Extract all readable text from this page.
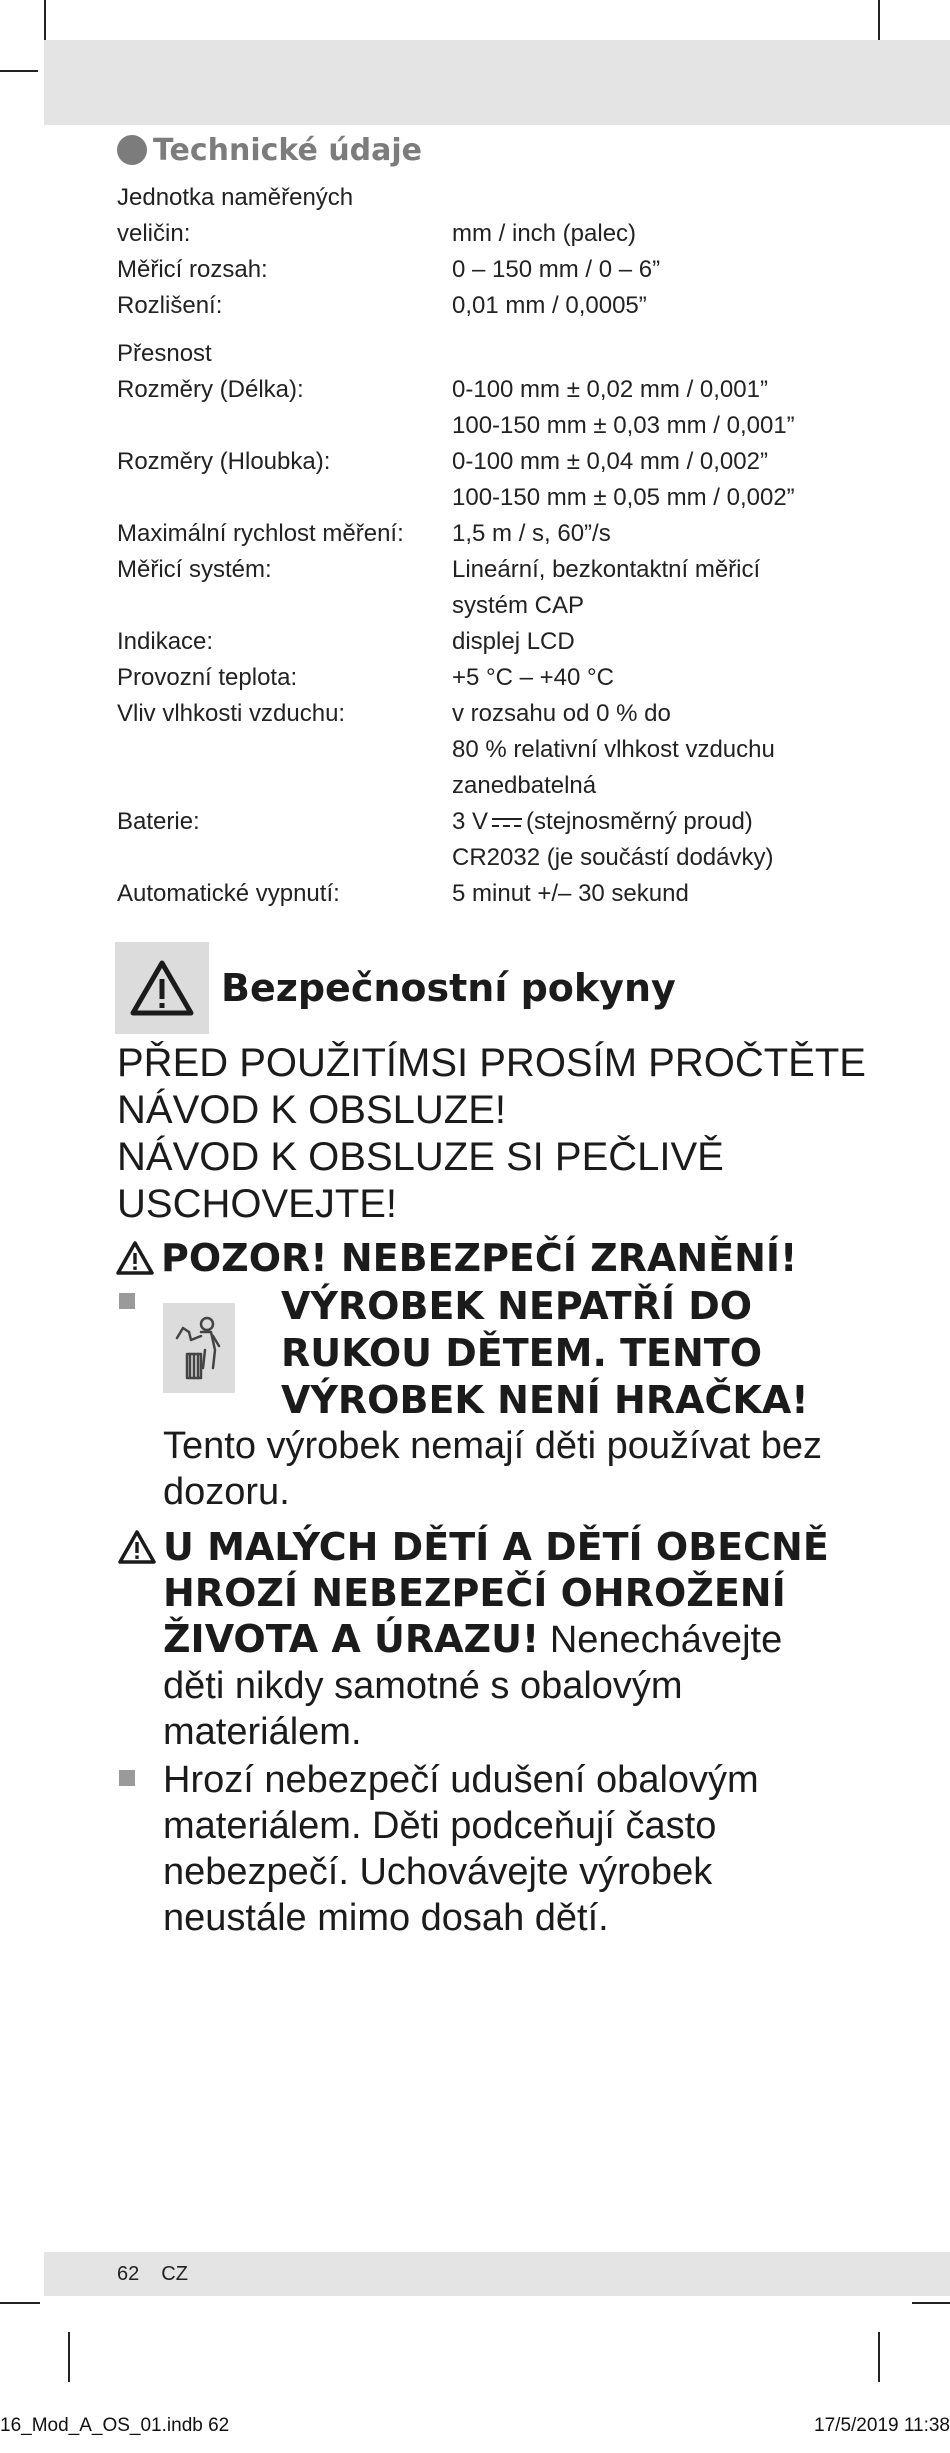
Technické údaje
Jednotka naměřených
veličin:	mm / inch (palec)
Měřicí rozsah:	0 – 150 mm / 0 – 6”
Rozlišení:	0,01 mm / 0,0005”
Přesnost
Rozměry (Délka):	0-100 mm ± 0,02 mm / 0,001”
100-150 mm ± 0,03 mm / 0,001”
Rozměry (Hloubka):	0-100 mm ± 0,04 mm / 0,002”
100-150 mm ± 0,05 mm / 0,002”
Maximální rychlost měření:	1,5 m / s, 60”/s
Měřicí systém:	Lineární, bezkontaktní měřicí
systém CAP
Indikace:	displej LCD
Provozní teplota:	+5 °C – +40 °C
Vliv vlhkosti vzduchu:	v rozsahu od 0 % do
80 % relativní vlhkost vzduchu
zanedbatelná
Baterie:	3 V (stejnosměrný proud)
CR2032 (je součástí dodávky)
Automatické vypnutí:	5 minut +/– 30 sekund
Bezpečnostní pokyny
PŘED POUŽITÍMSI PROSÍM PROČTĚTE
NÁVOD K OBSLUZE!
NÁVOD K OBSLUZE SI PEČLIVĚ
USCHOVEJTE!
POZOR! NEBEZPEČÍ ZRANĚNÍ!
VÝROBEK NEPATŘÍ DO
RUKOU DĚTEM. TENTO
VÝROBEK NENÍ HRAČKA!
Tento výrobek nemají děti používat bez
dozoru.
U MALÝCH DĚTÍ A DĚTÍ OBECNĚ
HROZÍ NEBEZPEČÍ OHROŽENÍ
ŽIVOTA A ÚRAZU! Nenechávejte
děti nikdy samotné s obalovým
materiálem.
Hrozí nebezpečí udušení obalovým
materiálem. Děti podceňují často
nebezpečí. Uchovávejte výrobek
neustále mimo dosah dětí.
62 CZ
16_Mod_A_OS_01.indb 62	17/5/2019 11:38
